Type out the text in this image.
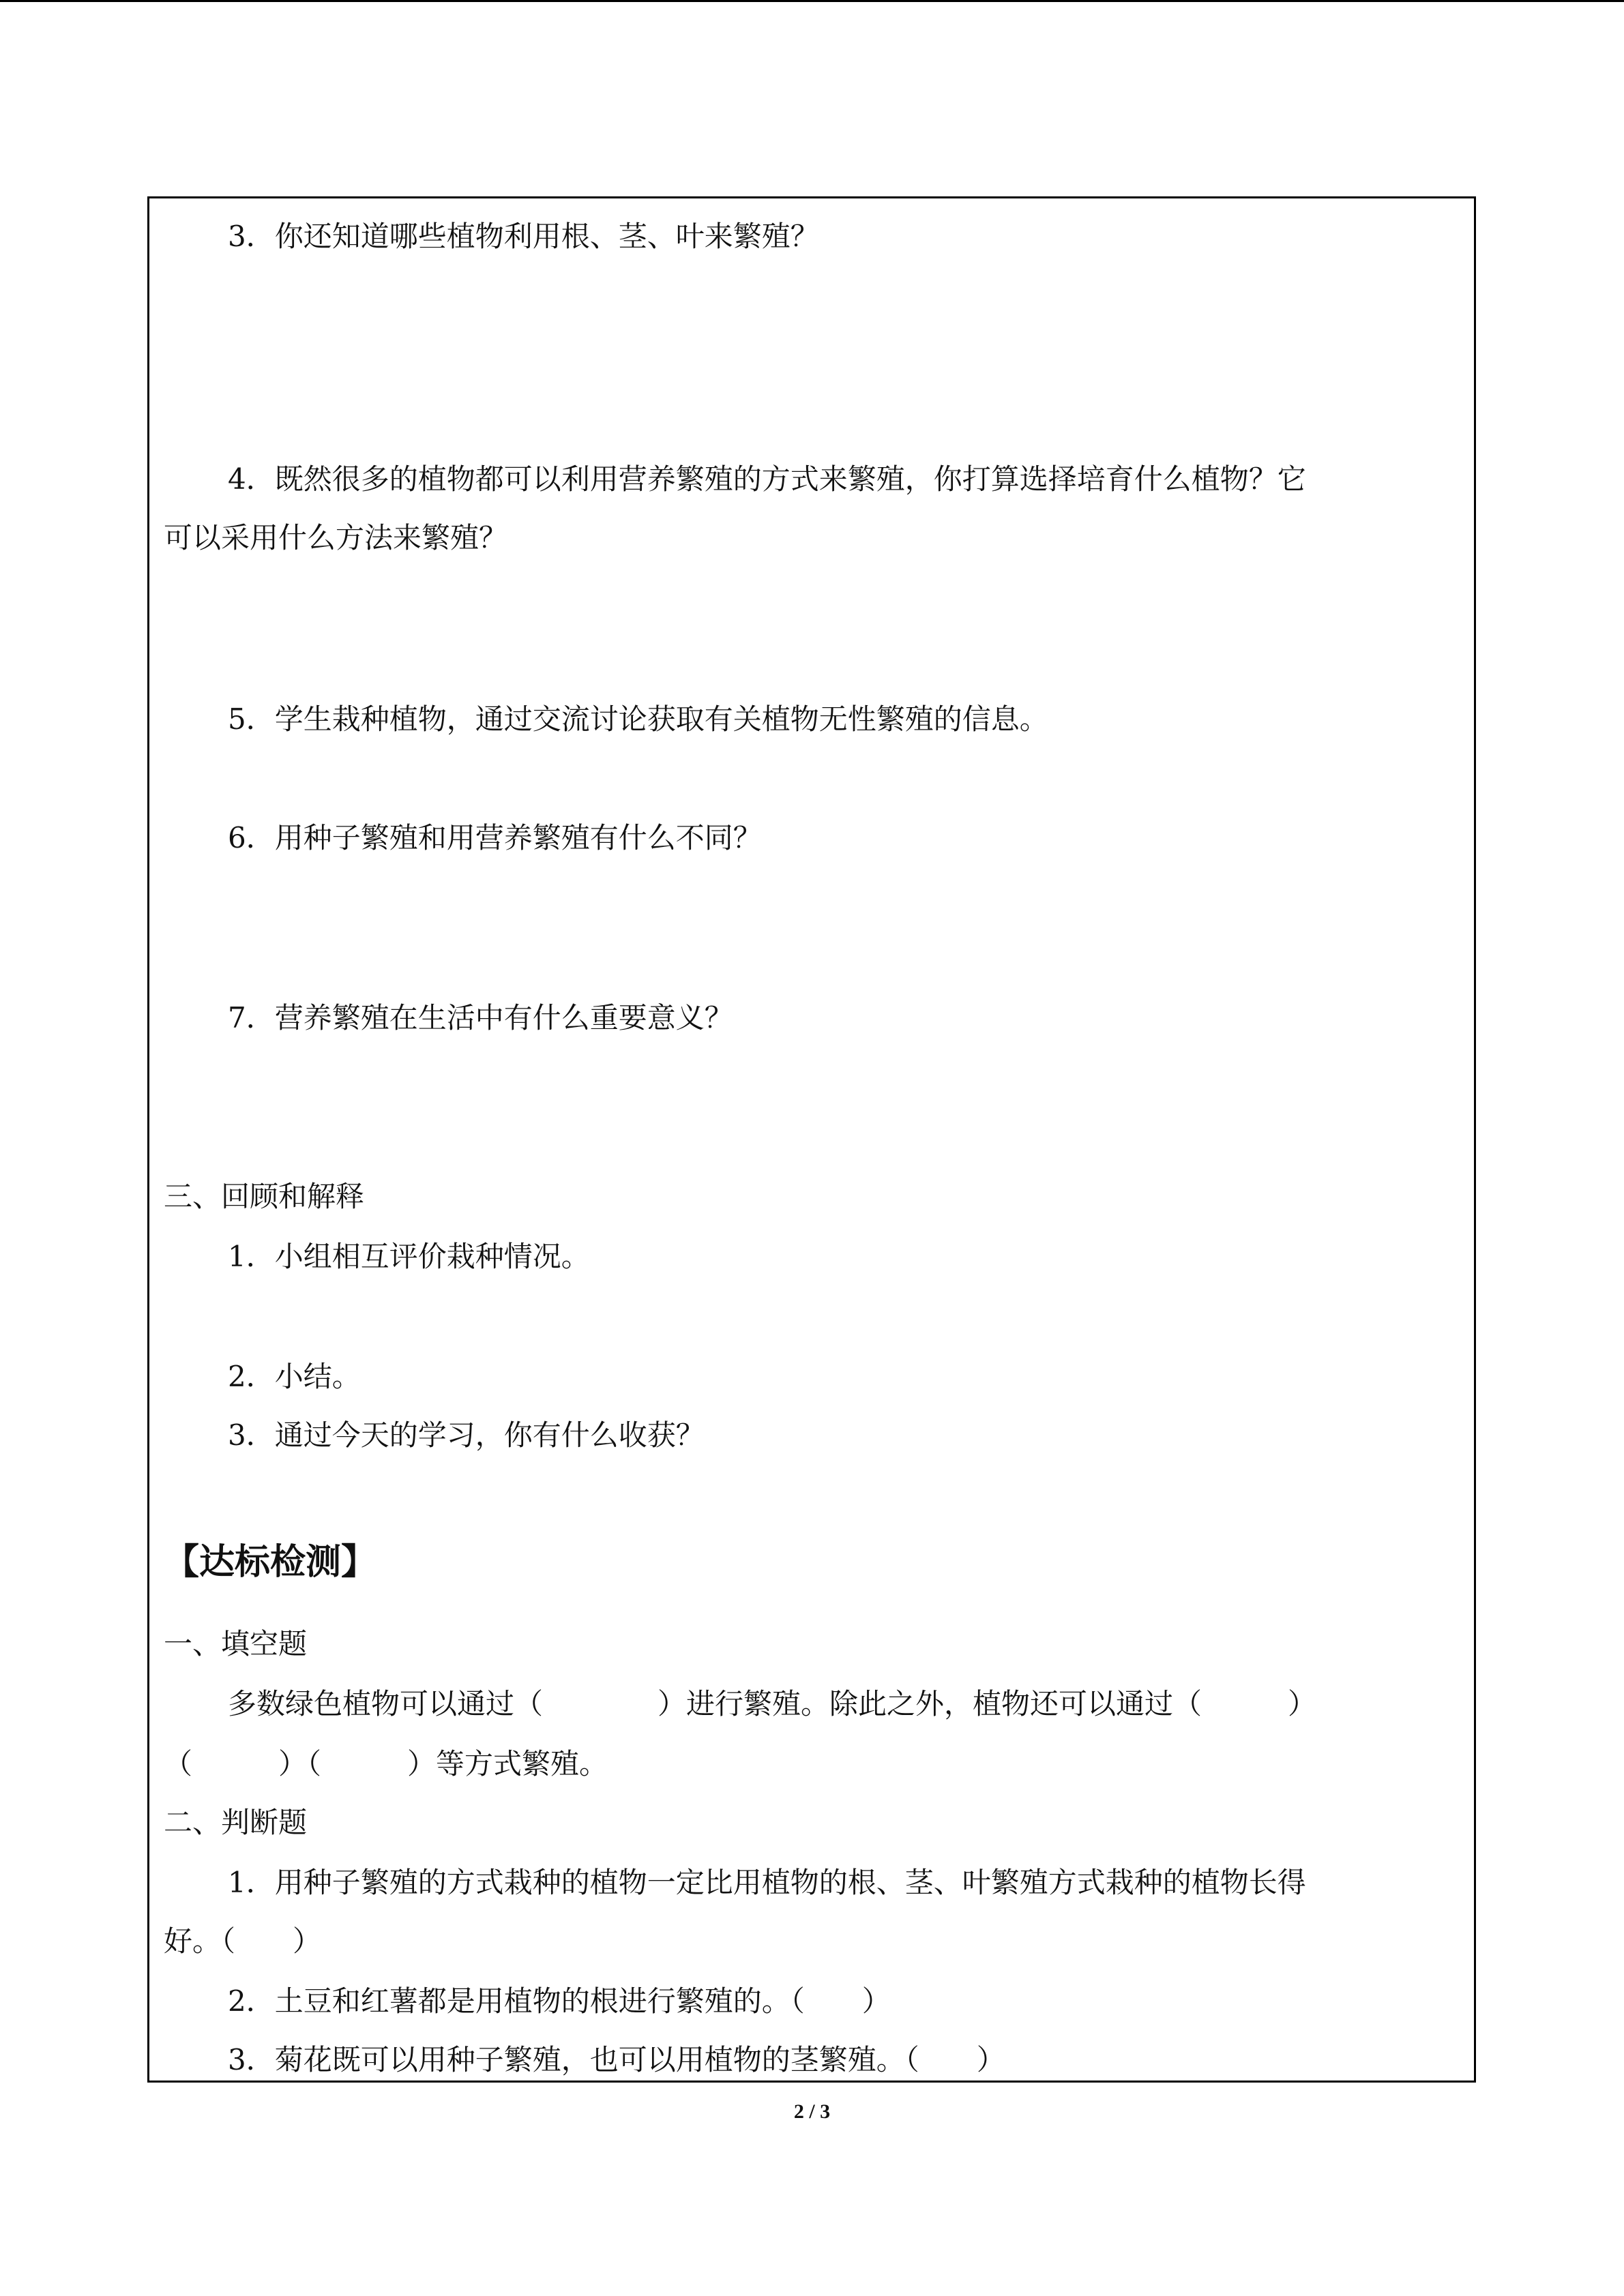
3．你还知道哪些植物利用根、茎、叶来繁殖？
4．既然很多的植物都可以利用营养繁殖的方式来繁殖，你打算选择培育什么植物？它
可以采用什么方法来繁殖？
5．学生栽种植物，通过交流讨论获取有关植物无性繁殖的信息。
6．用种子繁殖和用营养繁殖有什么不同？
7．营养繁殖在生活中有什么重要意义？
三、回顾和解释
1．小组相互评价栽种情况。
2．小结。
3．通过今天的学习，你有什么收获？
【达标检测】
一、填空题
多数绿色植物可以通过（　　　　）进行繁殖。除此之外，植物还可以通过（　　　）
（　　　）（　　　）等方式繁殖。
二、判断题
1．用种子繁殖的方式栽种的植物一定比用植物的根、茎、叶繁殖方式栽种的植物长得
好。（　　）
2．土豆和红薯都是用植物的根进行繁殖的。（　　）
3．菊花既可以用种子繁殖，也可以用植物的茎繁殖。（　　）
2 / 3
